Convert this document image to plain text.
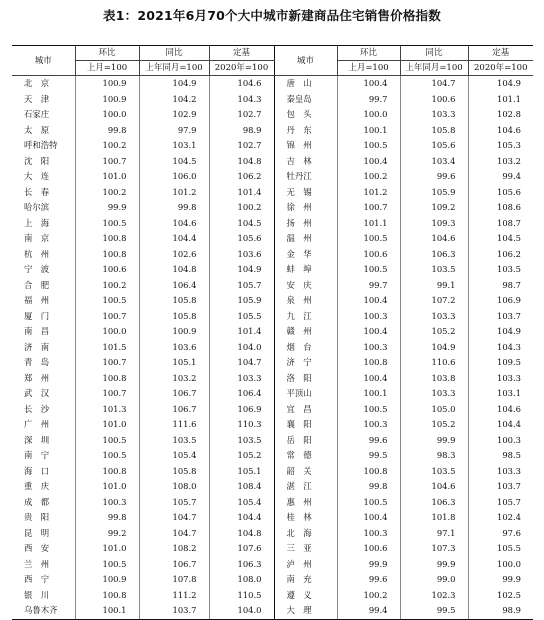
表1：2021年6月70个大中城市新建商品住宅销售价格指数
城市	环比	同比	定基	城市	环比	同比	定基
	上月=100	上年同月=100	2020年=100		上月=100	上年同月=100	2020年=100
北　京	100.9	104.9	104.6	唐　山	100.4	104.7	104.9
天　津	100.9	104.2	104.3	秦皇岛	99.7	100.6	101.1
石家庄	100.0	102.9	102.7	包　头	100.0	103.3	102.8
太　原	99.8	97.9	98.9	丹　东	100.1	105.8	104.6
呼和浩特	100.2	103.1	102.7	锦　州	100.5	105.6	105.3
沈　阳	100.7	104.5	104.8	吉　林	100.4	103.4	103.2
大　连	101.0	106.0	106.2	牡丹江	100.2	99.6	99.4
长　春	100.2	101.2	101.4	无　锡	101.2	105.9	105.6
哈尔滨	99.9	99.8	100.2	徐　州	100.7	109.2	108.6
上　海	100.5	104.6	104.5	扬　州	101.1	109.3	108.7
南　京	100.8	104.4	105.6	温　州	100.5	104.6	104.5
杭　州	100.8	102.6	103.6	金　华	100.6	106.3	106.2
宁　波	100.6	104.8	104.9	蚌　埠	100.5	103.5	103.5
合　肥	100.2	106.4	105.7	安　庆	99.7	99.1	98.7
福　州	100.5	105.8	105.9	泉　州	100.4	107.2	106.9
厦　门	100.7	105.8	105.5	九　江	100.3	103.3	103.7
南　昌	100.0	100.9	101.4	赣　州	100.4	105.2	104.9
济　南	101.5	103.6	104.0	烟　台	100.3	104.9	104.3
青　岛	100.7	105.1	104.7	济　宁	100.8	110.6	109.5
郑　州	100.8	103.2	103.3	洛　阳	100.4	103.8	103.3
武　汉	100.7	106.7	106.4	平顶山	100.1	103.3	103.1
长　沙	101.3	106.7	106.9	宜　昌	100.5	105.0	104.6
广　州	101.0	111.6	110.3	襄　阳	100.3	105.2	104.4
深　圳	100.5	103.5	103.5	岳　阳	99.6	99.9	100.3
南　宁	100.5	105.4	105.2	常　德	99.5	98.3	98.5
海　口	100.8	105.8	105.1	韶　关	100.8	103.5	103.3
重　庆	101.0	108.0	108.4	湛　江	99.8	104.6	103.7
成　都	100.3	105.7	105.4	惠　州	100.5	106.3	105.7
贵　阳	99.8	104.7	104.4	桂　林	100.4	101.8	102.4
昆　明	99.2	104.7	104.8	北　海	100.3	97.1	97.6
西　安	101.0	108.2	107.6	三　亚	100.6	107.3	105.5
兰　州	100.5	106.7	106.3	泸　州	99.9	99.9	100.0
西　宁	100.9	107.8	108.0	南　充	99.6	99.0	99.9
银　川	100.8	111.2	110.5	遵　义	100.2	102.3	102.5
乌鲁木齐	100.1	103.7	104.0	大　理	99.4	99.5	98.9
